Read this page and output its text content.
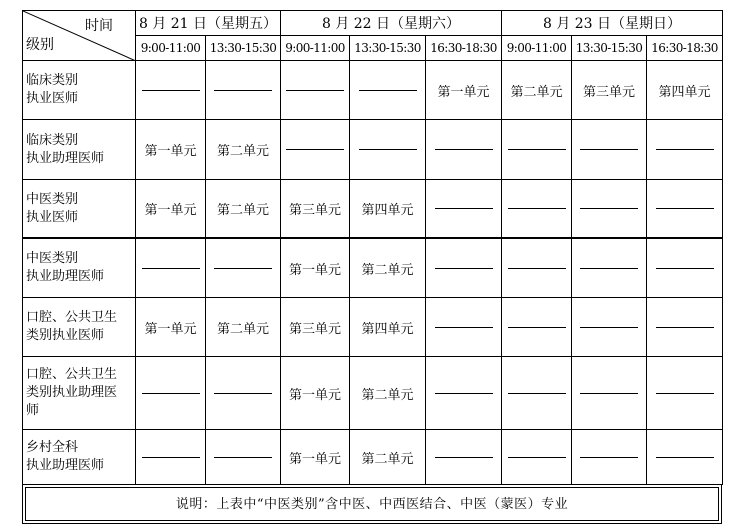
时间
级别	8 月 21 日（星期五）		8 月 22 日（星期六）			8 月 23 日（星期日）		
	9:00-11:00	13:30-15:30	9:00-11:00	13:30-15:30	16:30-18:30	9:00-11:00	13:30-15:30	16:30-18:30

临床类别
执业医师					第一单元	第二单元	第三单元	第四单元

临床类别
执业助理医师	第一单元	第二单元						

中医类别
执业医师	第一单元	第二单元	第三单元	第四单元				

中医类别
执业助理医师			第一单元	第二单元				

口腔、公共卫生
类别执业医师	第一单元	第二单元	第三单元	第四单元				

口腔、公共卫生
类别执业助理医
师			第一单元	第二单元				

乡村全科
执业助理医师			第一单元	第二单元				
说明：上表中“中医类别”含中医、中西医结合、中医（蒙医）专业
